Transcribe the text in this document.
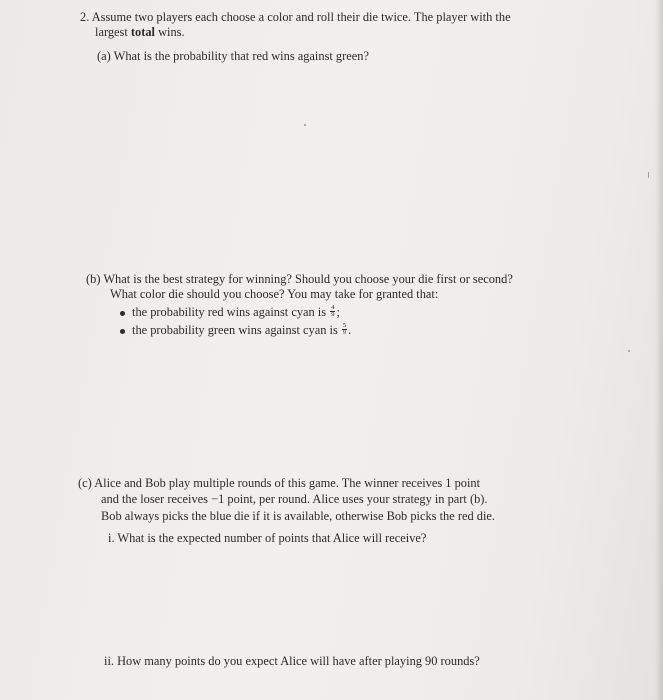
2. Assume two players each choose a color and roll their die twice. The player with the
largest total wins.
(a) What is the probability that red wins against green?
(b) What is the best strategy for winning? Should you choose your die first or second?
What color die should you choose? You may take for granted that:
the probability red wins against cyan is $\frac{4}{9}$ ;
the probability green wins against cyan is $\frac{5}{9}$ .
(c) Alice and Bob play multiple rounds of this game. The winner receives 1 point
and the loser receives −1 point, per round. Alice uses your strategy in part (b).
Bob always picks the blue die if it is available, otherwise Bob picks the red die.
i. What is the expected number of points that Alice will receive?
ii. How many points do you expect Alice will have after playing 90 rounds?
